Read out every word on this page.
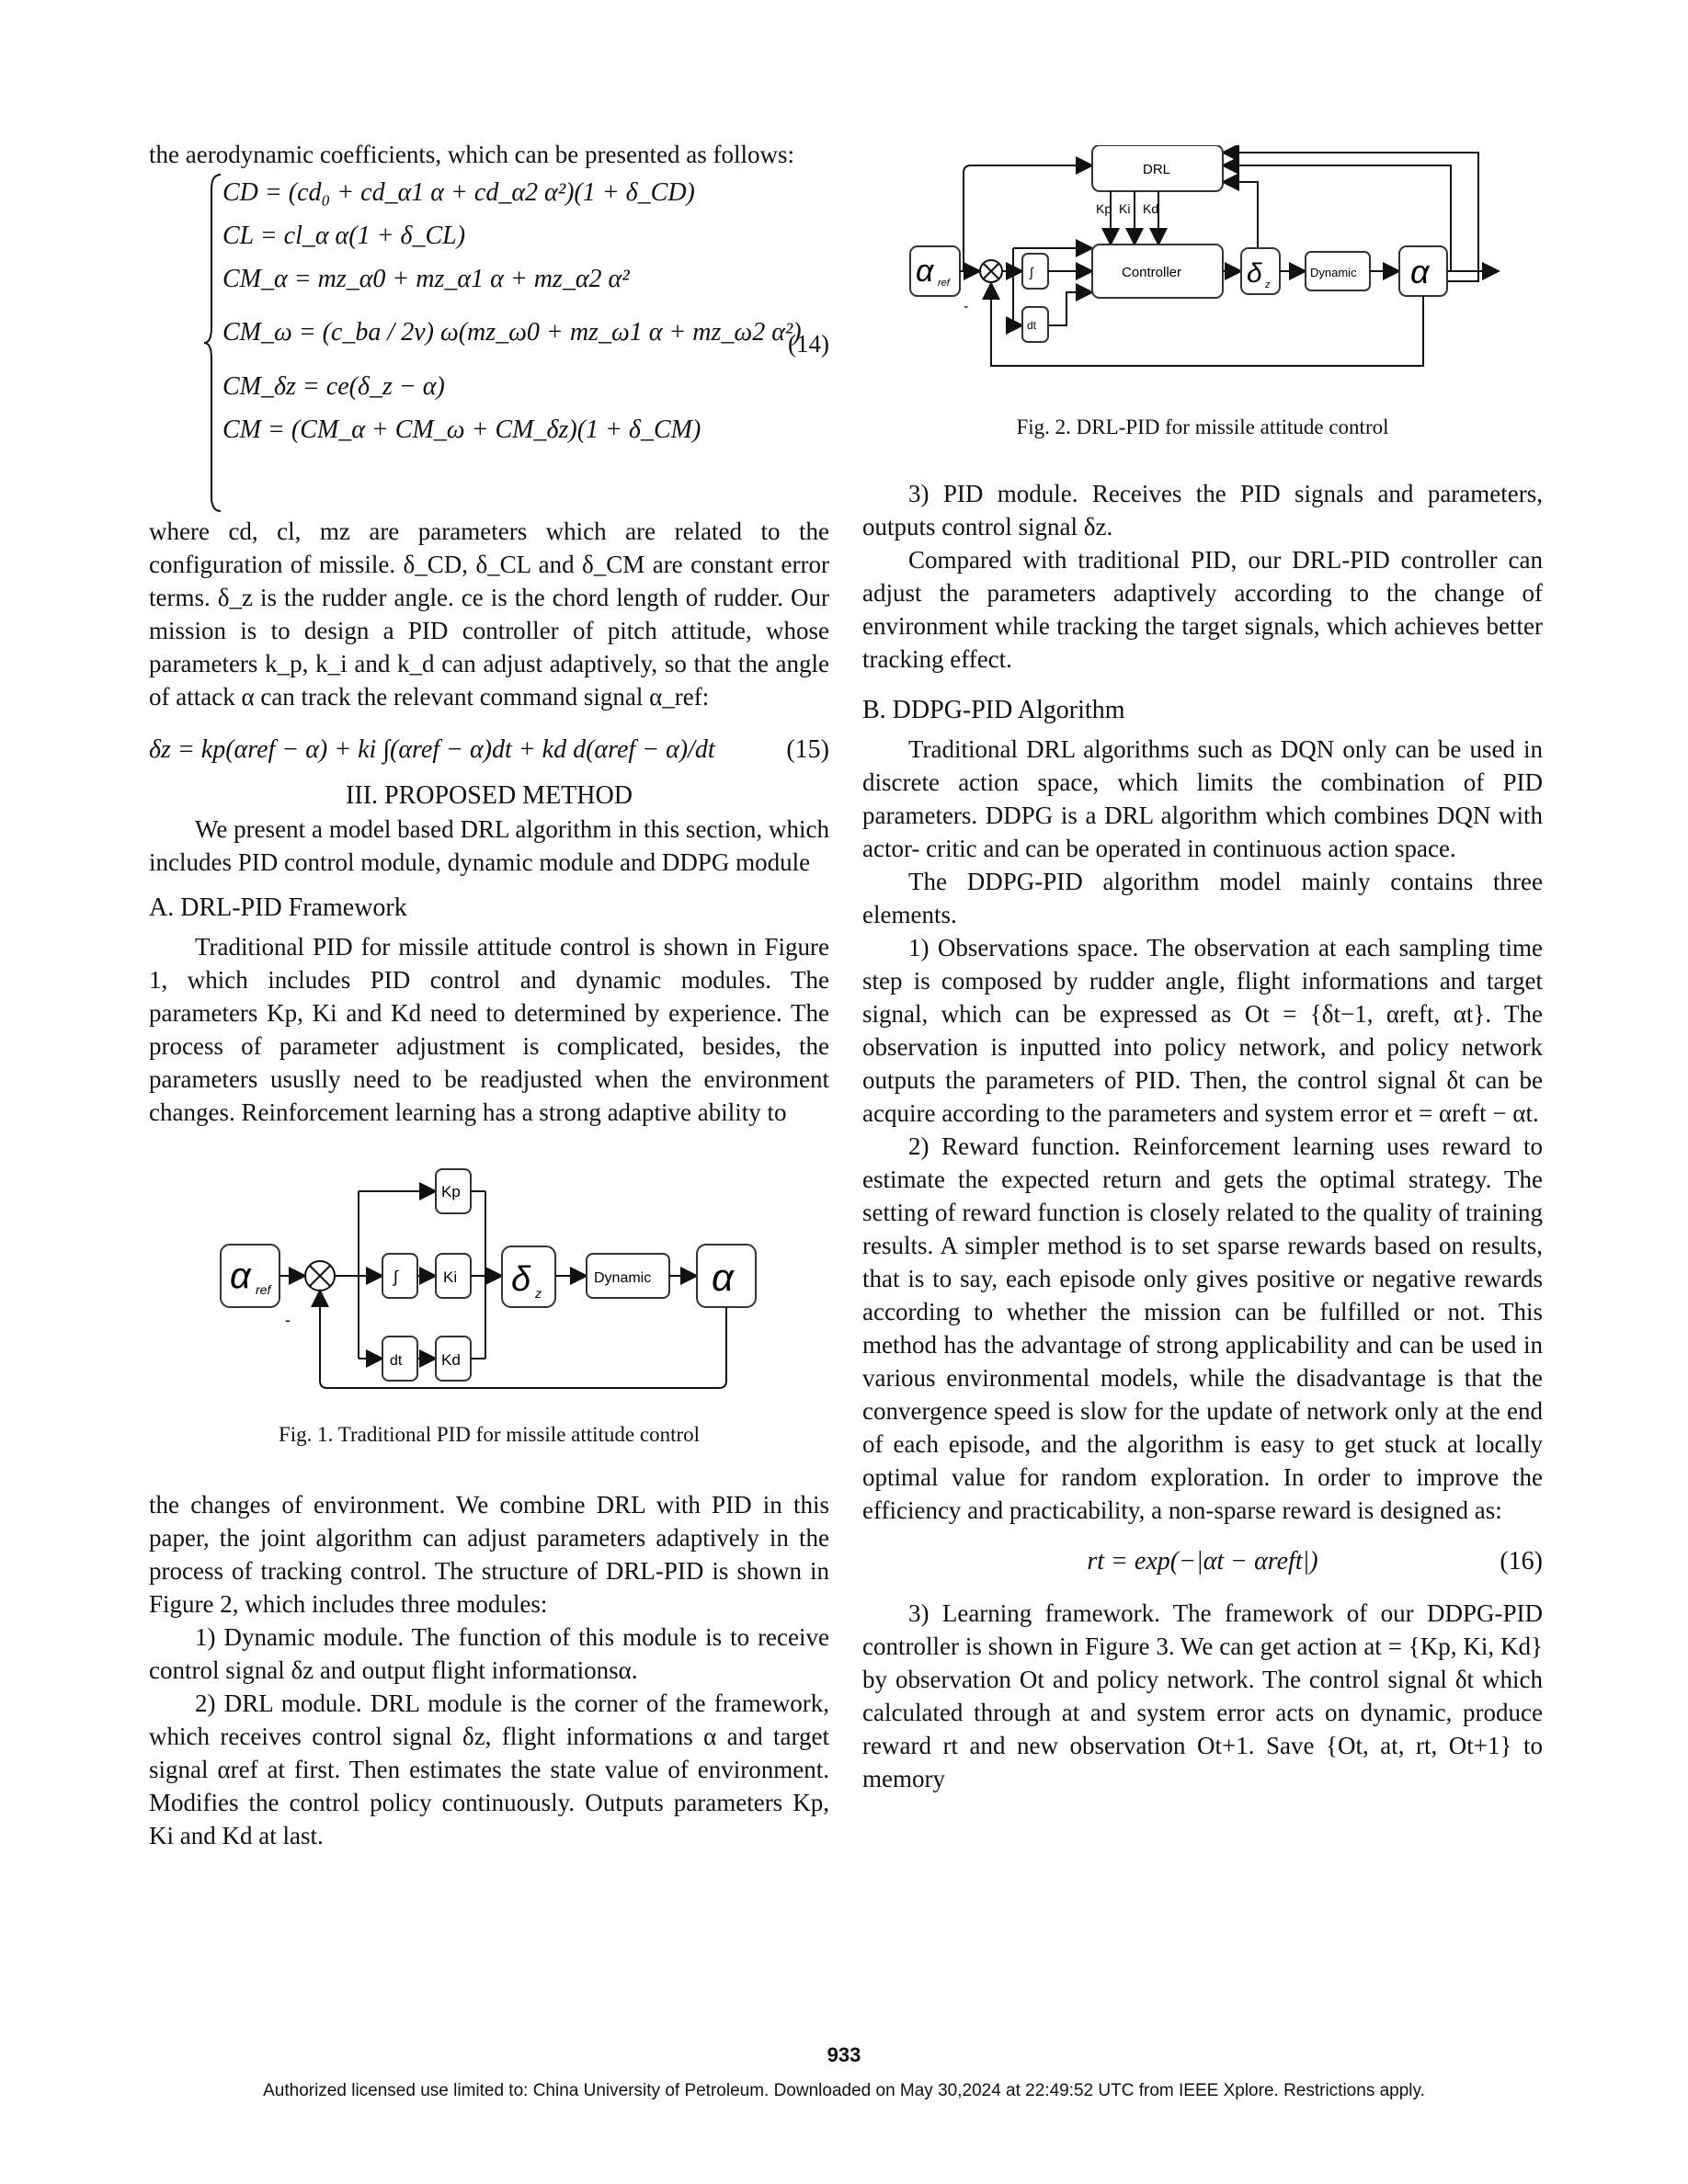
the aerodynamic coefficients, which can be presented as follows:

CD = (cd₀ + cd_α1 α + cd_α2 α²)(1 + δ_CD)
CL = cl_α α(1 + δ_CL)
CM_α = mz_α0 + mz_α1 α + mz_α2 α²
CM_ω = (c_ba / 2v) ω(mz_ω0 + mz_ω1 α + mz_ω2 α²)
CM_δz = ce(δ_z − α)
CM = (CM_α + CM_ω + CM_δz)(1 + δ_CM)
(14)

where cd, cl, mz are parameters which are related to the configuration of missile. δ_CD, δ_CL and δ_CM are constant error terms. δ_z is the rudder angle. ce is the chord length of rudder. Our mission is to design a PID controller of pitch attitude, whose parameters k_p, k_i and k_d can adjust adaptively, so that the angle of attack α can track the relevant command signal α_ref:

δz = kp(αref − α) + ki ∫(αref − α)dt + kd d(αref − α)/dt	(15)
III. PROPOSED METHOD

We present a model based DRL algorithm in this section, which includes PID control module, dynamic module and DDPG module

A. DRL-PID Framework

Traditional PID for missile attitude control is shown in Figure 1, which includes PID control and dynamic modules. The parameters Kp, Ki and Kd need to determined by experience. The process of parameter adjustment is complicated, besides, the parameters ususlly need to be readjusted when the environment changes. Reinforcement learning has a strong adaptive ability to

α ref
-
Kp
∫	Ki
dt	Kd
δ z
Dynamic α

Fig. 1. Traditional PID for missile attitude control

the changes of environment. We combine DRL with PID in this paper, the joint algorithm can adjust parameters adaptively in the process of tracking control. The structure of DRL-PID is shown in Figure 2, which includes three modules:

1) Dynamic module. The function of this module is to receive control signal δz and output flight informationsα.

2) DRL module. DRL module is the corner of the framework, which receives control signal δz, flight informations α and target signal αref at first. Then estimates the state value of environment. Modifies the control policy continuously. Outputs parameters Kp, Ki and Kd at last.

DRL
Kp Ki Kd
α ref
-
∫
dt
Controller δ z
Dynamic α

Fig. 2. DRL-PID for missile attitude control

3) PID module. Receives the PID signals and parameters, outputs control signal δz.

Compared with traditional PID, our DRL-PID controller can adjust the parameters adaptively according to the change of environment while tracking the target signals, which achieves better tracking effect.

B. DDPG-PID Algorithm

Traditional DRL algorithms such as DQN only can be used in discrete action space, which limits the combination of PID parameters. DDPG is a DRL algorithm which combines DQN with actor- critic and can be operated in continuous action space.

The DDPG-PID algorithm model mainly contains three elements.

1) Observations space. The observation at each sampling time step is composed by rudder angle, flight informations and target signal, which can be expressed as Ot = {δt−1, αreft, αt}. The observation is inputted into policy network, and policy network outputs the parameters of PID. Then, the control signal δt can be acquire according to the parameters and system error et = αreft − αt.

2) Reward function. Reinforcement learning uses reward to estimate the expected return and gets the optimal strategy. The setting of reward function is closely related to the quality of training results. A simpler method is to set sparse rewards based on results, that is to say, each episode only gives positive or negative rewards according to whether the mission can be fulfilled or not. This method has the advantage of strong applicability and can be used in various environmental models, while the disadvantage is that the convergence speed is slow for the update of network only at the end of each episode, and the algorithm is easy to get stuck at locally optimal value for random exploration. In order to improve the efficiency and practicability, a non-sparse reward is designed as:

rt = exp(−|αt − αreft|)	(16)

3) Learning framework. The framework of our DDPG-PID controller is shown in Figure 3. We can get action at = {Kp, Ki, Kd} by observation Ot and policy network. The control signal δt which calculated through at and system error acts on dynamic, produce reward rt and new observation Ot+1. Save {Ot, at, rt, Ot+1} to memory

933
Authorized licensed use limited to: China University of Petroleum. Downloaded on May 30,2024 at 22:49:52 UTC from IEEE Xplore. Restrictions apply.
